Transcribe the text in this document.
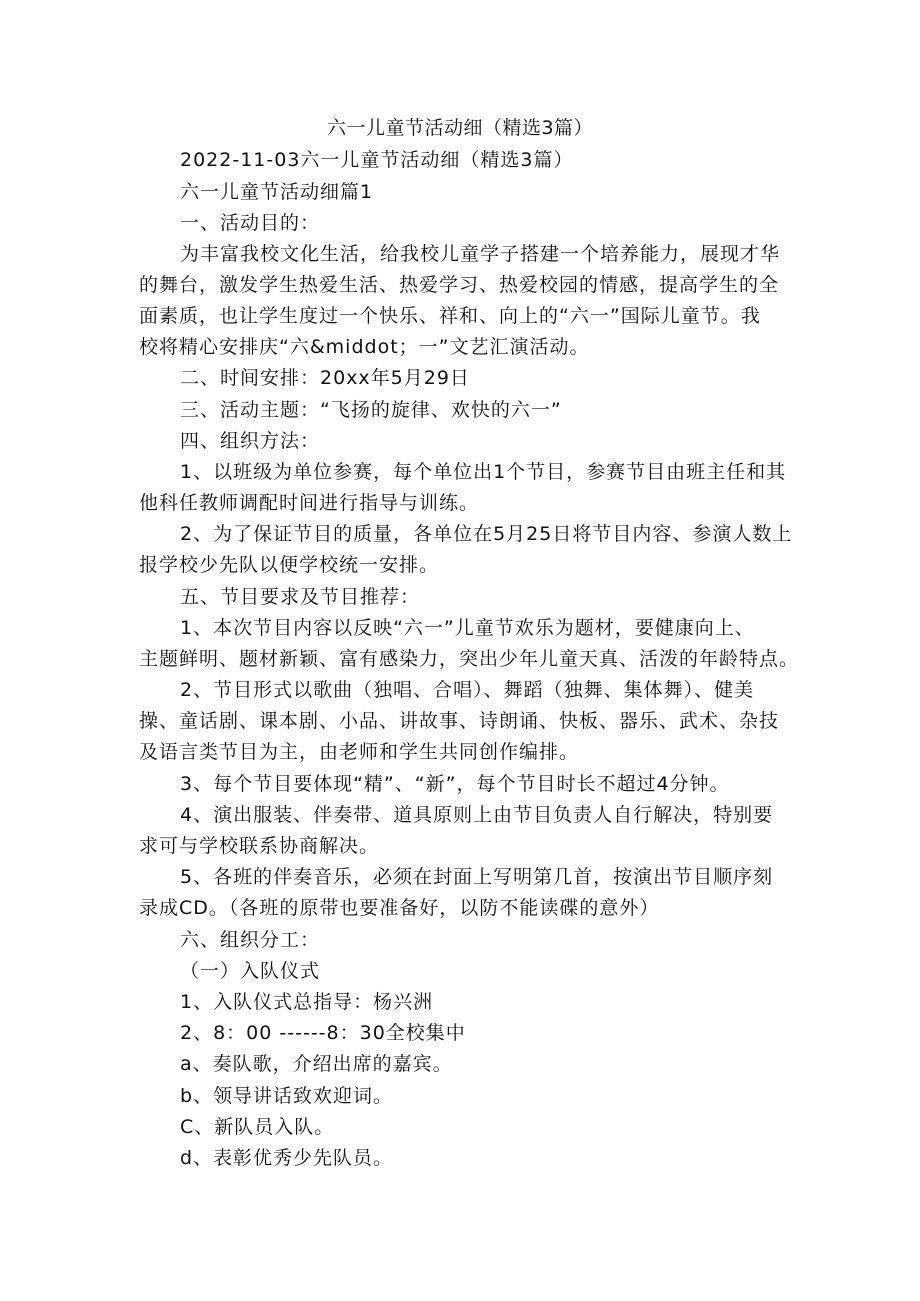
六一儿童节活动细（精选3篇）
2022-11-03六一儿童节活动细（精选3篇）
六一儿童节活动细篇1
一、活动目的：
为丰富我校文化生活，给我校儿童学子搭建一个培养能力，展现才华
的舞台，激发学生热爱生活、热爱学习、热爱校园的情感，提高学生的全
面素质，也让学生度过一个快乐、祥和、向上的“六一”国际儿童节。我
校将精心安排庆“六&middot；一”文艺汇演活动。
二、时间安排：20xx年5月29日
三、活动主题：“飞扬的旋律、欢快的六一”
四、组织方法：
1、以班级为单位参赛，每个单位出1个节目，参赛节目由班主任和其
他科任教师调配时间进行指导与训练。
2、为了保证节目的质量，各单位在5月25日将节目内容、参演人数上
报学校少先队以便学校统一安排。
五、节目要求及节目推荐：
1、本次节目内容以反映“六一”儿童节欢乐为题材，要健康向上、
主题鲜明、题材新颖、富有感染力，突出少年儿童天真、活泼的年龄特点。
2、节目形式以歌曲（独唱、合唱）、舞蹈（独舞、集体舞）、健美
操、童话剧、课本剧、小品、讲故事、诗朗诵、快板、器乐、武术、杂技
及语言类节目为主，由老师和学生共同创作编排。
3、每个节目要体现“精”、“新”，每个节目时长不超过4分钟。
4、演出服装、伴奏带、道具原则上由节目负责人自行解决，特别要
求可与学校联系协商解决。
5、各班的伴奏音乐，必须在封面上写明第几首，按演出节目顺序刻
录成CD。（各班的原带也要准备好，以防不能读碟的意外）
六、组织分工：
（一）入队仪式
1、入队仪式总指导：杨兴洲
2、8：00 ------8：30全校集中
a、奏队歌，介绍出席的嘉宾。
b、领导讲话致欢迎词。
C、新队员入队。
d、表彰优秀少先队员。
